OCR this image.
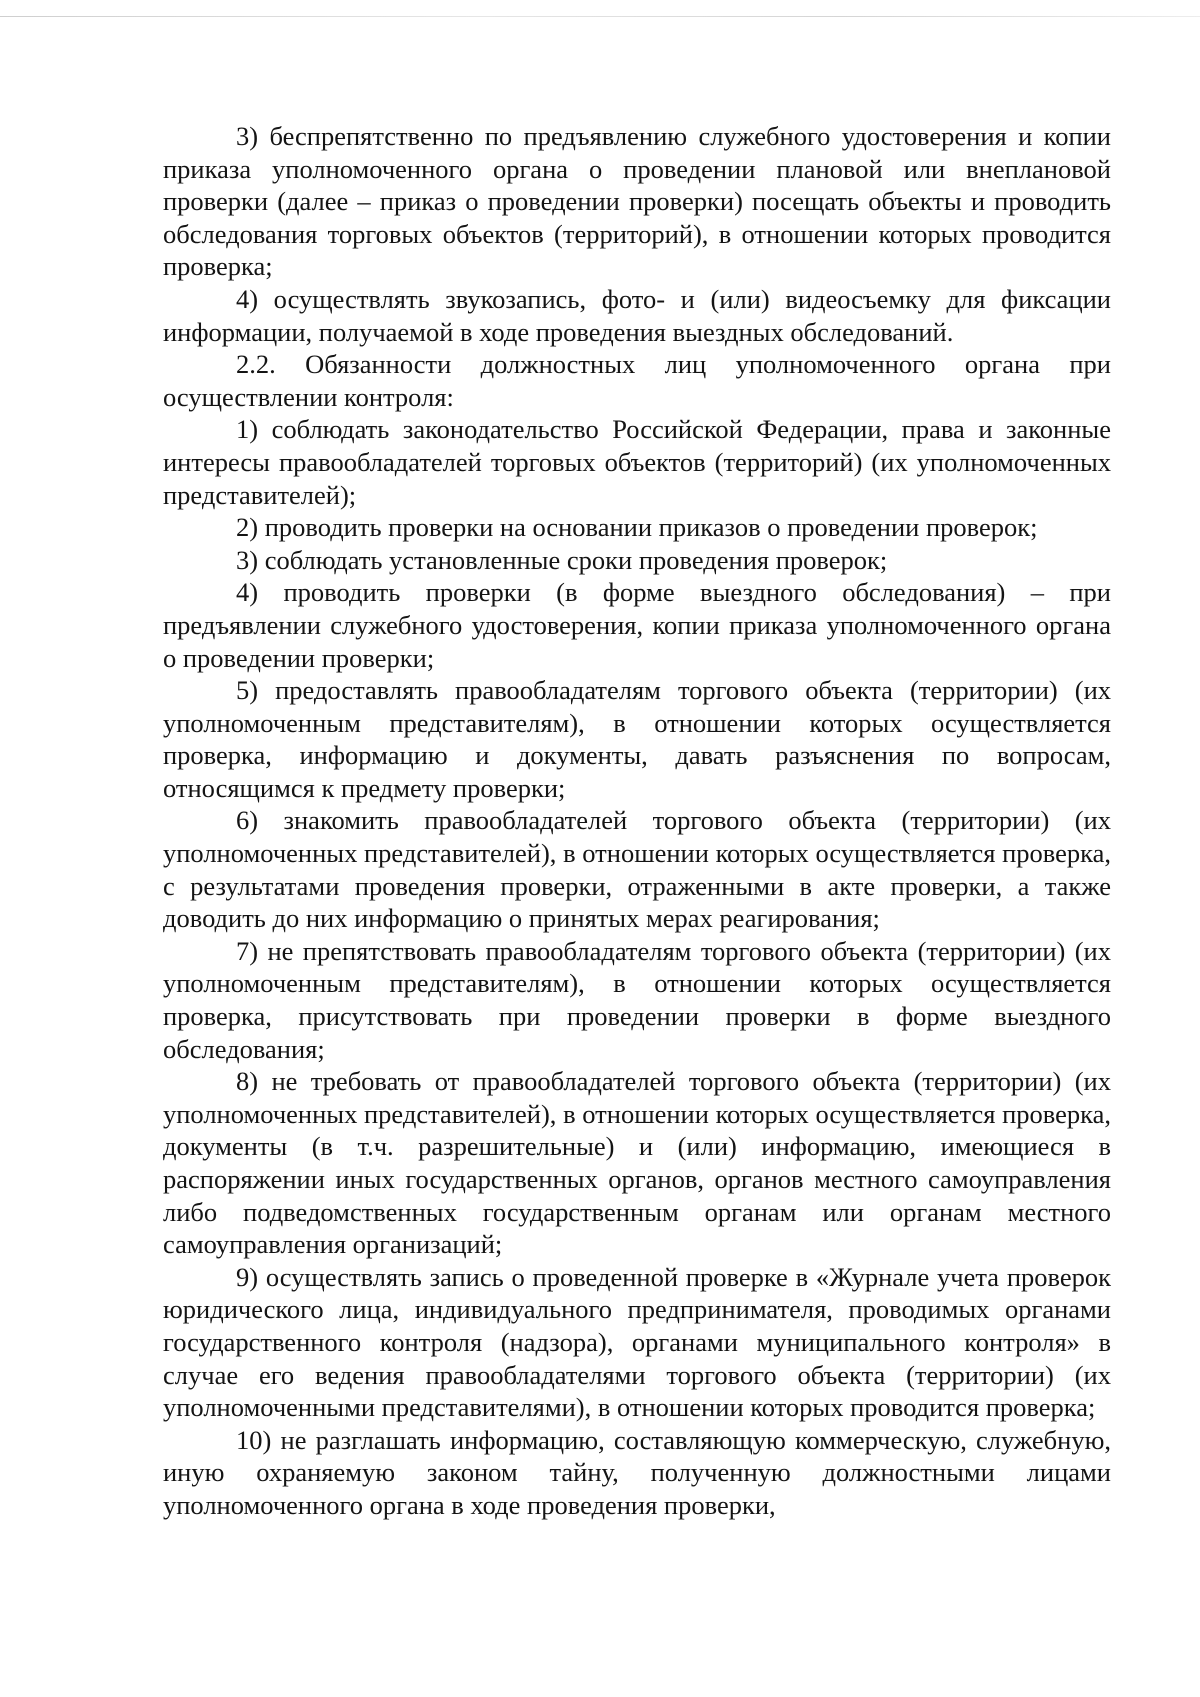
3) беспрепятственно по предъявлению служебного удостоверения и копии приказа уполномоченного органа о проведении плановой или внеплановой проверки (далее – приказ о проведении проверки) посещать объекты и проводить обследования торговых объектов (территорий), в отношении которых проводится проверка;

4) осуществлять звукозапись, фото- и (или) видеосъемку для фиксации информации, получаемой в ходе проведения выездных обследований.

2.2. Обязанности должностных лиц уполномоченного органа при осуществлении контроля:

1) соблюдать законодательство Российской Федерации, права и законные интересы правообладателей торговых объектов (территорий) (их уполномоченных представителей);

2) проводить проверки на основании приказов о проведении проверок;

3) соблюдать установленные сроки проведения проверок;

4) проводить проверки (в форме выездного обследования) – при предъявлении служебного удостоверения, копии приказа уполномоченного органа о проведении проверки;

5) предоставлять правообладателям торгового объекта (территории) (их уполномоченным представителям), в отношении которых осуществляется проверка, информацию и документы, давать разъяснения по вопросам, относящимся к предмету проверки;

6) знакомить правообладателей торгового объекта (территории) (их уполномоченных представителей), в отношении которых осуществляется проверка, с результатами проведения проверки, отраженными в акте проверки, а также доводить до них информацию о принятых мерах реагирования;

7) не препятствовать правообладателям торгового объекта (территории) (их уполномоченным представителям), в отношении которых осуществляется проверка, присутствовать при проведении проверки в форме выездного обследования;

8) не требовать от правообладателей торгового объекта (территории) (их уполномоченных представителей), в отношении которых осуществляется проверка, документы (в т.ч. разрешительные) и (или) информацию, имеющиеся в распоряжении иных государственных органов, органов местного самоуправления либо подведомственных государственным органам или органам местного самоуправления организаций;

9) осуществлять запись о проведенной проверке в «Журнале учета проверок юридического лица, индивидуального предпринимателя, проводимых органами государственного контроля (надзора), органами муниципального контроля» в случае его ведения правообладателями торгового объекта (территории) (их уполномоченными представителями), в отношении которых проводится проверка;

10) не разглашать информацию, составляющую коммерческую, служебную, иную охраняемую законом тайну, полученную должностными лицами уполномоченного органа в ходе проведения проверки,
